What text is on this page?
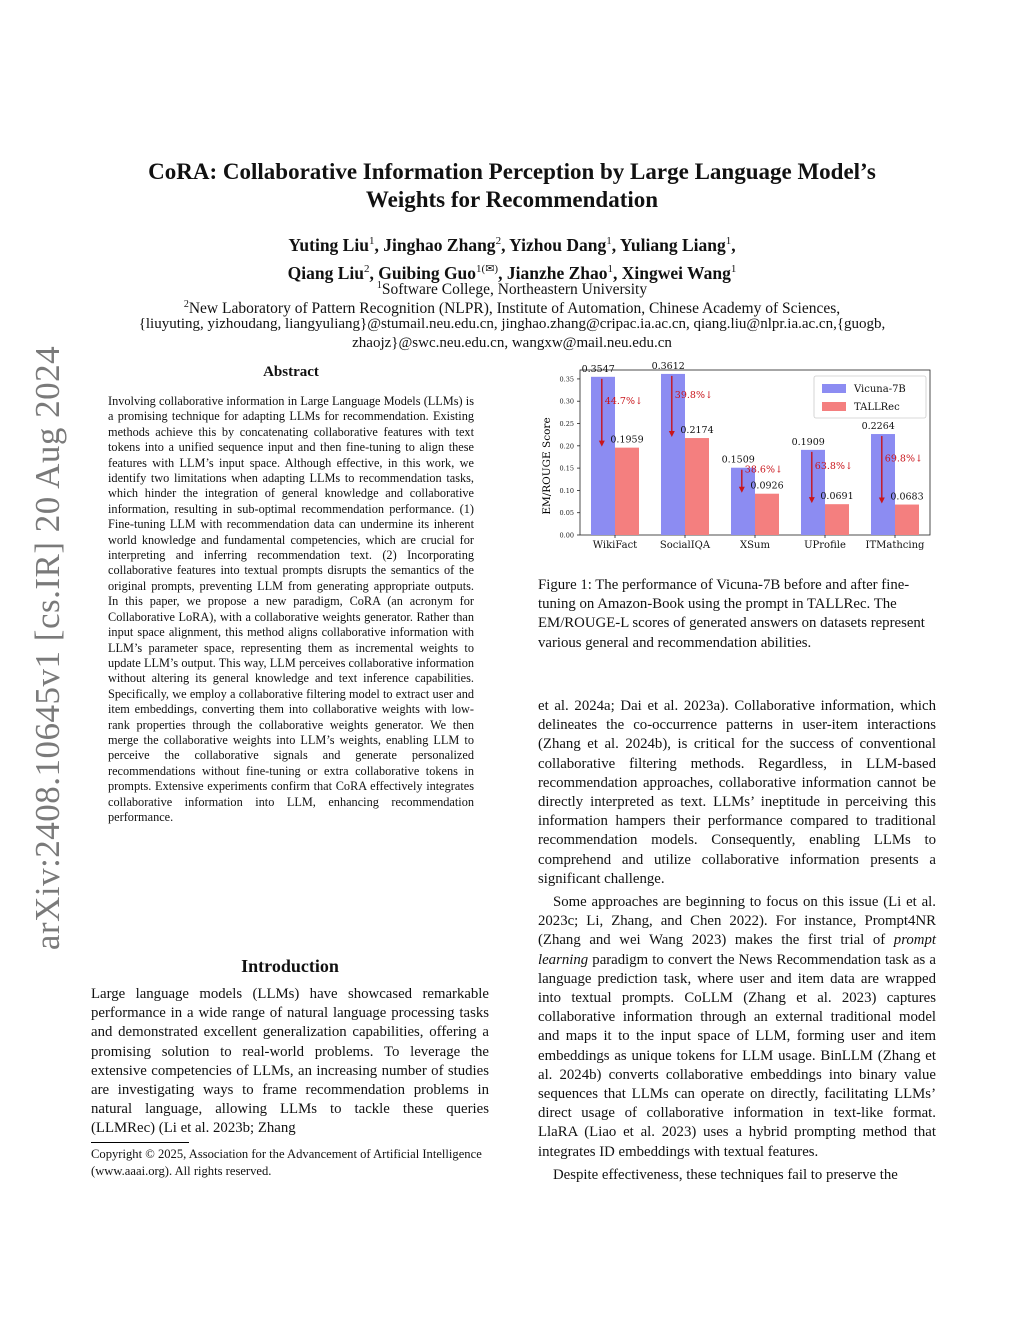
arXiv:2408.10645v1 [cs.IR] 20 Aug 2024
CoRA: Collaborative Information Perception by Large Language Model’s
Weights for Recommendation
Yuting Liu$^1$, Jinghao Zhang$^2$, Yizhou Dang$^1$, Yuliang Liang$^1$,
Qiang Liu$^2$, Guibing Guo$^{1(✉)}$, Jianzhe Zhao$^1$, Xingwei Wang$^1$
$^1$Software College, Northeastern University
$^2$New Laboratory of Pattern Recognition (NLPR), Institute of Automation, Chinese Academy of Sciences,
{liuyuting, yizhoudang, liangyuliang}@stumail.neu.edu.cn, jinghao.zhang@cripac.ia.ac.cn, qiang.liu@nlpr.ia.ac.cn,{guogb,
zhaojz}@swc.neu.edu.cn, wangxw@mail.neu.edu.cn
Abstract
Involving collaborative information in Large Language Models (LLMs) is a promising technique for adapting LLMs for recommendation. Existing methods achieve this by concatenating collaborative features with text tokens into a unified sequence input and then fine-tuning to align these features with LLM’s input space. Although effective, in this work, we identify two limitations when adapting LLMs to recommendation tasks, which hinder the integration of general knowledge and collaborative information, resulting in sub-optimal recommendation performance. (1) Fine-tuning LLM with recommendation data can undermine its inherent world knowledge and fundamental competencies, which are crucial for interpreting and inferring recommendation text. (2) Incorporating collaborative features into textual prompts disrupts the semantics of the original prompts, preventing LLM from generating appropriate outputs. In this paper, we propose a new paradigm, CoRA (an acronym for Collaborative LoRA), with a collaborative weights generator. Rather than input space alignment, this method aligns collaborative information with LLM’s parameter space, representing them as incremental weights to update LLM’s output. This way, LLM perceives collaborative information without altering its general knowledge and text inference capabilities. Specifically, we employ a collaborative filtering model to extract user and item embeddings, converting them into collaborative weights with low-rank properties through the collaborative weights generator. We then merge the collaborative weights into LLM’s weights, enabling LLM to perceive the collaborative signals and generate personalized recommendations without fine-tuning or extra collaborative tokens in prompts. Extensive experiments confirm that CoRA effectively integrates collaborative information into LLM, enhancing recommendation performance.
Introduction

Large language models (LLMs) have showcased remarkable performance in a wide range of natural language processing tasks and demonstrated excellent generalization capabilities, offering a promising solution to real-world problems. To leverage the extensive competencies of LLMs, an increasing number of studies are investigating ways to frame recommendation problems in natural language, allowing LLMs to tackle these queries (LLMRec) (Li et al. 2023b; Zhang

Copyright © 2025, Association for the Advancement of Artificial Intelligence (www.aaai.org). All rights reserved.
EM/ROUGE Score
0.00
0.05
0.10
0.15
0.20
0.25
0.30
0.35
WikiFact SocialIQA	XSum	UProfile ITMathcing
0.3547
0.1959
44.7%↓
0.3612
0.2174
39.8%↓
0.1509
0.0926
38.6%↓
0.1909
0.0691
63.8%↓
0.2264
0.0683
69.8%↓
Vicuna-7B
TALLRec
Figure 1: The performance of Vicuna-7B before and after fine-tuning on Amazon-Book using the prompt in TALLRec. The EM/ROUGE-L scores of generated answers on datasets represent various general and recommendation abilities.

et al. 2024a; Dai et al. 2023a). Collaborative information, which delineates the co-occurrence patterns in user-item interactions (Zhang et al. 2024b), is critical for the success of conventional collaborative filtering methods. Regardless, in LLM-based recommendation approaches, collaborative information cannot be directly interpreted as text. LLMs’ ineptitude in perceiving this information hampers their performance compared to traditional recommendation models. Consequently, enabling LLMs to comprehend and utilize collaborative information presents a significant challenge.

Some approaches are beginning to focus on this issue (Li et al. 2023c; Li, Zhang, and Chen 2022). For instance, Prompt4NR (Zhang and wei Wang 2023) makes the first trial of prompt learning paradigm to convert the News Recommendation task as a language prediction task, where user and item data are wrapped into textual prompts. CoLLM (Zhang et al. 2023) captures collaborative information through an external traditional model and maps it to the input space of LLM, forming user and item embeddings as unique tokens for LLM usage. BinLLM (Zhang et al. 2024b) converts collaborative embeddings into binary value sequences that LLMs can operate on directly, facilitating LLMs’ direct usage of collaborative information in text-like format. LlaRA (Liao et al. 2023) uses a hybrid prompting method that integrates ID embeddings with textual features.

Despite effectiveness, these techniques fail to preserve the
